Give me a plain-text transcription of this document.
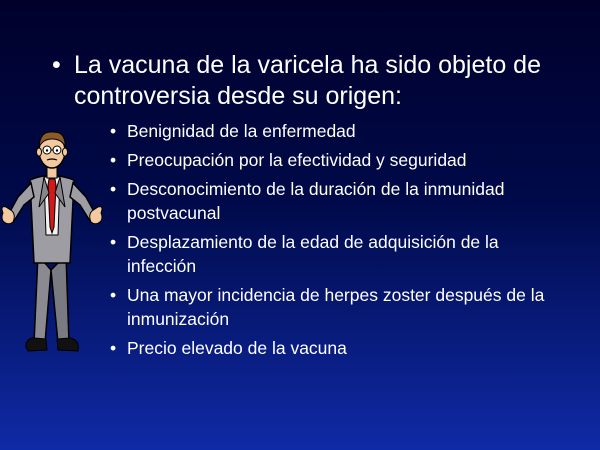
• La vacuna de la varicela ha sido objeto de controversia desde su origen:
• Benignidad de la enfermedad
• Preocupación por la efectividad y seguridad
• Desconocimiento de la duración de la inmunidad postvacunal
• Desplazamiento de la edad de adquisición de la infección
• Una mayor incidencia de herpes zoster después de la inmunización
• Precio elevado de la vacuna
